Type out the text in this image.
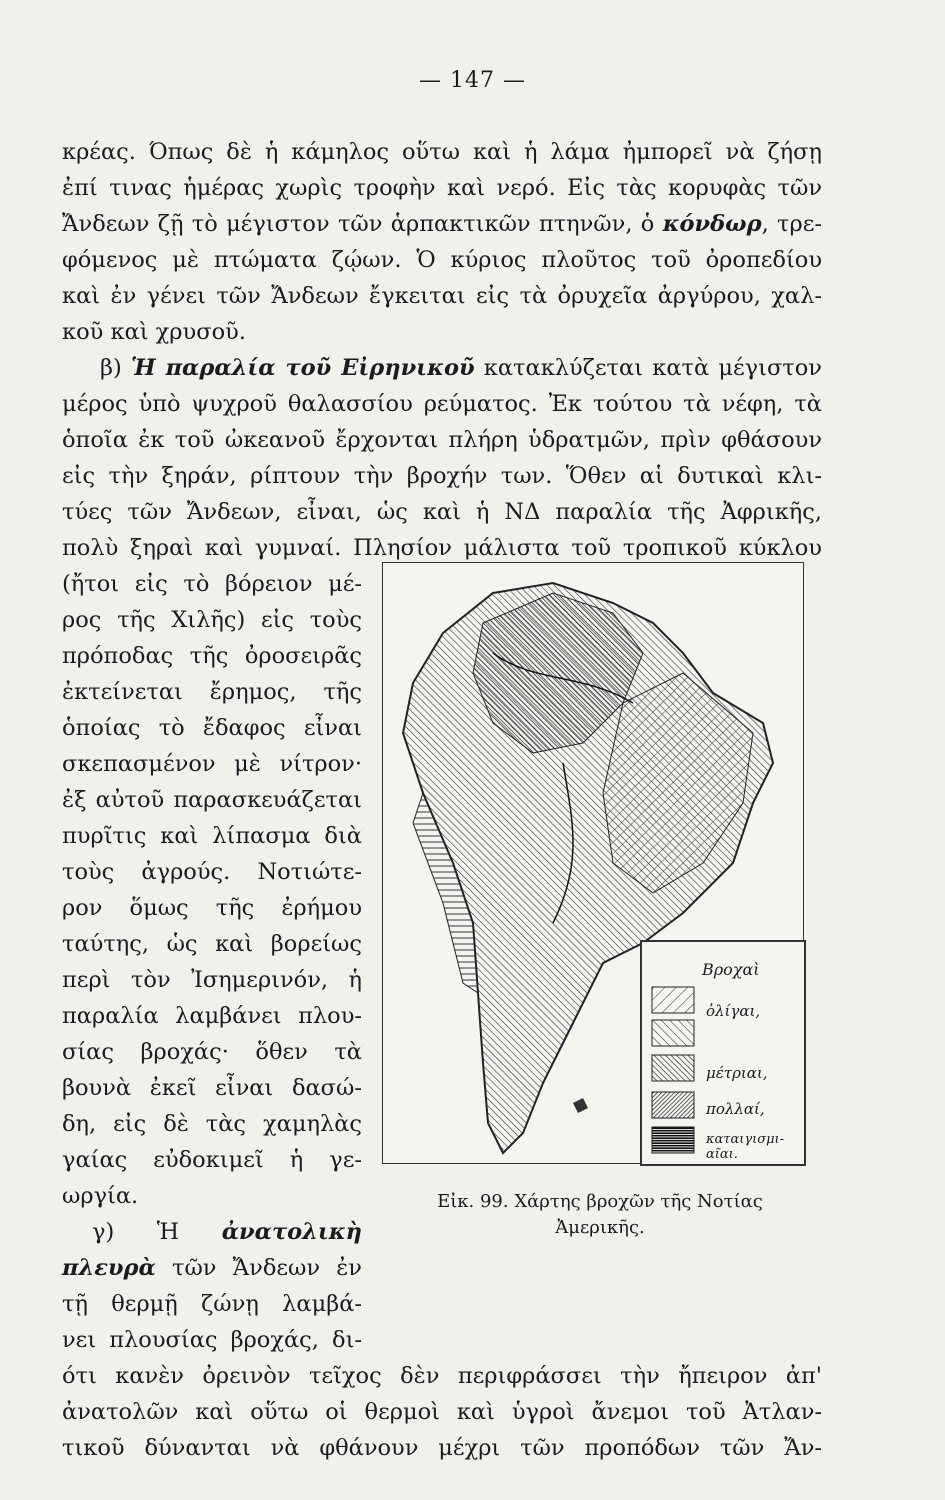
— 147 —
κρέας. Όπως δὲ ἡ κάμηλος οὕτω καὶ ἡ λάμα ἠμπορεῖ νὰ ζήσῃ
ἐπί τινας ἡμέρας χωρὶς τροφὴν καὶ νερό. Εἰς τὰς κορυφὰς τῶν
Ἄνδεων ζῇ τὸ μέγιστον τῶν ἁρπακτικῶν πτηνῶν, ὁ κόνδωρ, τρε-
φόμενος μὲ πτώματα ζῴων. Ὁ κύριος πλοῦτος τοῦ ὀροπεδίου
καὶ ἐν γένει τῶν Ἄνδεων ἔγκειται εἰς τὰ ὀρυχεῖα ἀργύρου, χαλ-
κοῦ καὶ χρυσοῦ.
β) Ἡ παραλία τοῦ Εἰρηνικοῦ κατακλύζεται κατὰ μέγιστον
μέρος ὑπὸ ψυχροῦ θαλασσίου ρεύματος. Ἐκ τούτου τὰ νέφη, τὰ
ὁποῖα ἐκ τοῦ ὠκεανοῦ ἔρχονται πλήρη ὑδρατμῶν, πρὶν φθάσουν
εἰς τὴν ξηράν, ρίπτουν τὴν βροχήν των. Ὅθεν αἱ δυτικαὶ κλι-
τύες τῶν Ἄνδεων, εἶναι, ὡς καὶ ἡ ΝΔ παραλία τῆς Ἀφρικῆς,
πολὺ ξηραὶ καὶ γυμναί. Πλησίον μάλιστα τοῦ τροπικοῦ κύκλου
(ἤτοι εἰς τὸ βόρειον μέ-
ρος τῆς Χιλῆς) εἰς τοὺς
πρόποδας τῆς ὀροσειρᾶς
ἐκτείνεται ἔρημος, τῆς
ὁποίας τὸ ἔδαφος εἶναι
σκεπασμένον μὲ νίτρον·
ἐξ αὐτοῦ παρασκευάζεται
πυρῖτις καὶ λίπασμα διὰ
τοὺς ἀγρούς. Νοτιώτε-
ρον ὅμως τῆς ἐρήμου
ταύτης, ὡς καὶ βορείως
περὶ τὸν Ἰσημερινόν, ἡ
παραλία λαμβάνει πλου-
σίας βροχάς· ὅθεν τὰ
βουνὰ ἐκεῖ εἶναι δασώ-
δη, εἰς δὲ τὰς χαμηλὰς
γαίας εὐδοκιμεῖ ἡ γε-
ωργία.
γ) Ἡ ἀνατολικὴ
πλευρὰ τῶν Ἄνδεων ἐν
τῇ θερμῇ ζώνῃ λαμβά-
νει πλουσίας βροχάς, δι-
ότι κανὲν ὀρεινὸν τεῖχος δὲν περιφράσσει τὴν ἤπειρον ἀπ'
ἀνατολῶν καὶ οὕτω οἱ θερμοὶ καὶ ὑγροὶ ἄνεμοι τοῦ Ἀτλαν-
τικοῦ δύνανται νὰ φθάνουν μέχρι τῶν προπόδων τῶν Ἄν-
Βροχαὶ
ὀλίγαι,
μέτριαι,
πολλαί,
καταιγισμι-
αῖαι.
Εἰκ. 99. Χάρτης βροχῶν τῆς Νοτίας
Ἀμερικῆς.
